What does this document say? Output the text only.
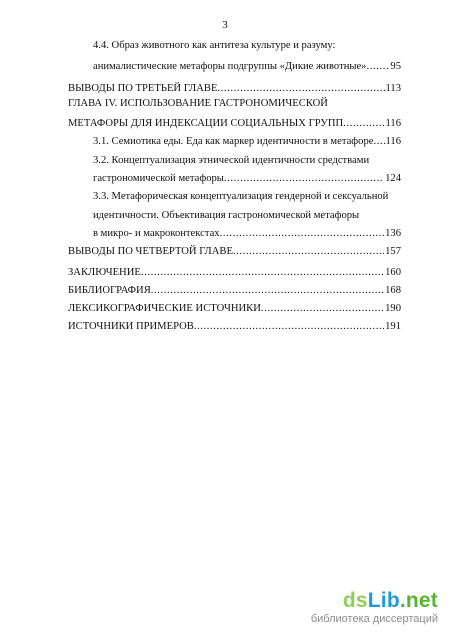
3
4.4. Образ животного как антитеза культуре и разуму:
анималистические метафоры подгруппы «Дикие животные» ..... 95
ВЫВОДЫ ПО ТРЕТЬЕЙ ГЛАВЕ .....	113
ГЛАВА IV. ИСПОЛЬЗОВАНИЕ ГАСТРОНОМИЧЕСКОЙ
МЕТАФОРЫ ДЛЯ ИНДЕКСАЦИИ СОЦИАЛЬНЫХ ГРУПП .....	116
3.1. Семиотика еды. Еда как маркер идентичности в метафоре ..... 116
3.2. Концептуализация этнической идентичности средствами
гастрономической метафоры .....	124
3.3. Метафорическая концептуализация гендерной и сексуальной
идентичности. Объективация гастрономической метафоры
в микро- и макроконтекстах .....	136
ВЫВОДЫ ПО ЧЕТВЕРТОЙ ГЛАВЕ .....	157
ЗАКЛЮЧЕНИЕ .....	160
БИБЛИОГРАФИЯ .....	168
ЛЕКСИКОГРАФИЧЕСКИЕ ИСТОЧНИКИ .....	190
ИСТОЧНИКИ ПРИМЕРОВ .....	191
dsLib.net
библиотека диссертаций
